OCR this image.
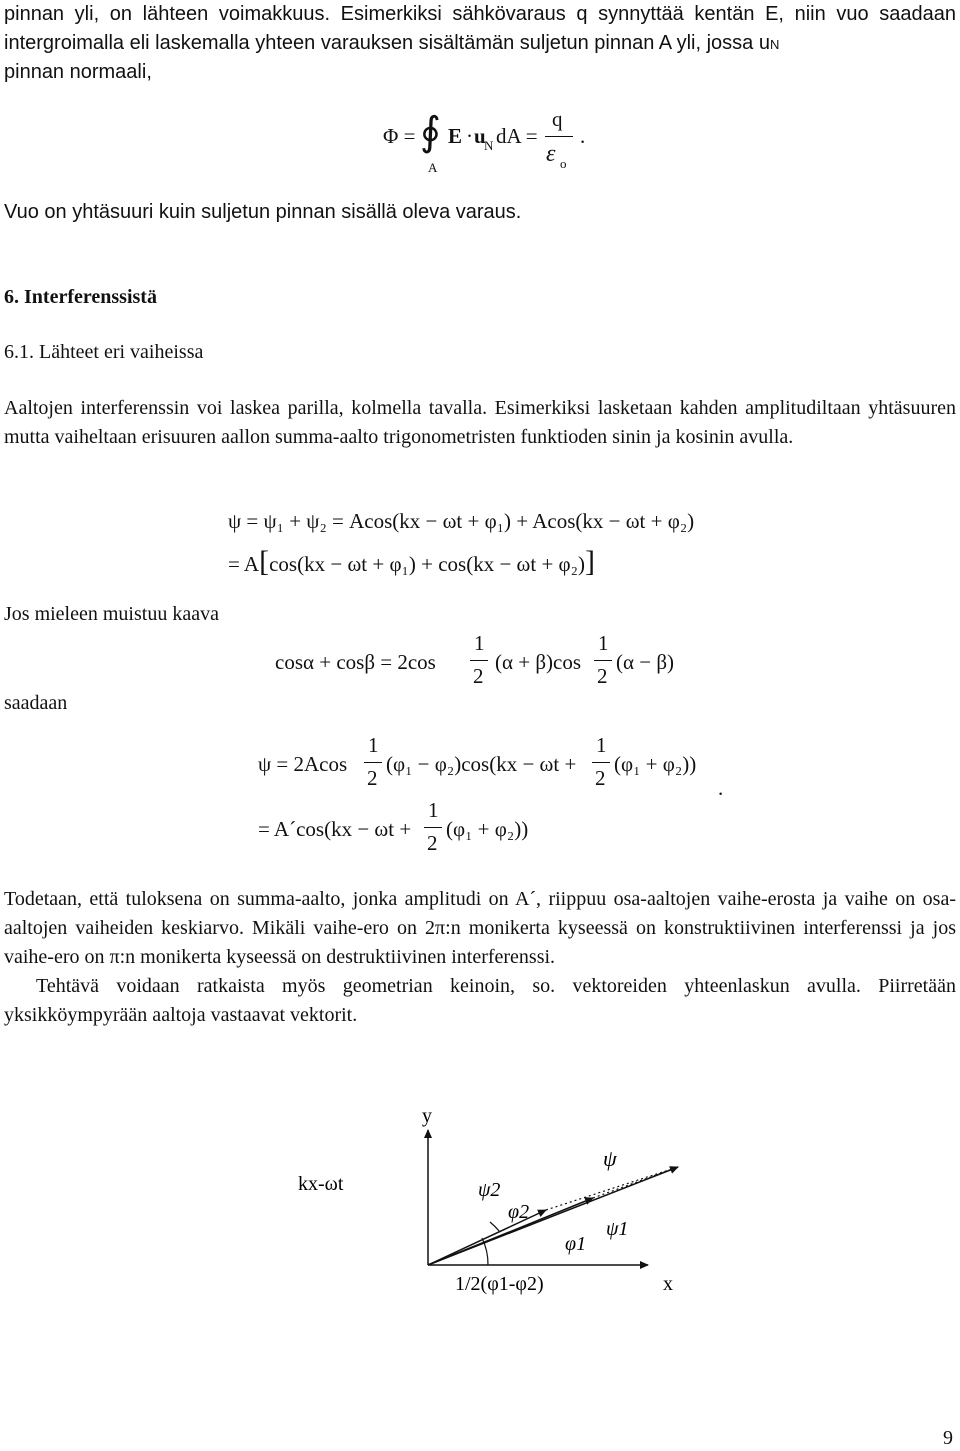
pinnan yli, on lähteen voimakkuus. Esimerkiksi sähkövaraus q synnyttää kentän E, niin vuo saadaan intergroimalla eli laskemalla yhteen varauksen sisältämän suljetun pinnan A yli, jossa uN
pinnan normaali,
Φ = ∮
A
E · u
N dA =
q
ε o
.
Vuo on yhtäsuuri kuin suljetun pinnan sisällä oleva varaus.
6. Interferenssistä
6.1. Lähteet eri vaiheissa
Aaltojen interferenssin voi laskea parilla, kolmella tavalla. Esimerkiksi lasketaan kahden amplitudiltaan yhtäsuuren mutta vaiheltaan erisuuren aallon summa-aalto trigonometristen funktioden sinin ja kosinin avulla.
ψ = ψ₁ + ψ₂ = Acos(kx − ωt + φ₁) + Acos(kx − ωt + φ₂)
= A[cos(kx − ωt + φ₁) + cos(kx − ωt + φ₂)]
Jos mieleen muistuu kaava
cosα + cosβ = 2cos
1
2
(α + β)cos
1
2
(α − β)
saadaan
ψ = 2Acos
1
2
(φ₁ − φ₂)cos(kx − ωt +
1
2
(φ₁ + φ₂))
.
= A´cos(kx − ωt +
1
2
(φ₁ + φ₂))
Todetaan, että tuloksena on summa-aalto, jonka amplitudi on A´, riippuu osa-aaltojen vaihe-erosta ja vaihe on osa-aaltojen vaiheiden keskiarvo. Mikäli vaihe-ero on 2π:n monikerta kyseessä on konstruktiivinen interferenssi ja jos vaihe-ero on π:n monikerta kyseessä on destruktiivinen interferenssi.
Tehtävä voidaan ratkaista myös geometrian keinoin, so. vektoreiden yhteenlaskun avulla. Piirretään yksikköympyrään aaltoja vastaavat vektorit.
y
x
kx-ωt
ψ
ψ2
φ2
ψ1
φ1
1/2(φ1-φ2)
9
